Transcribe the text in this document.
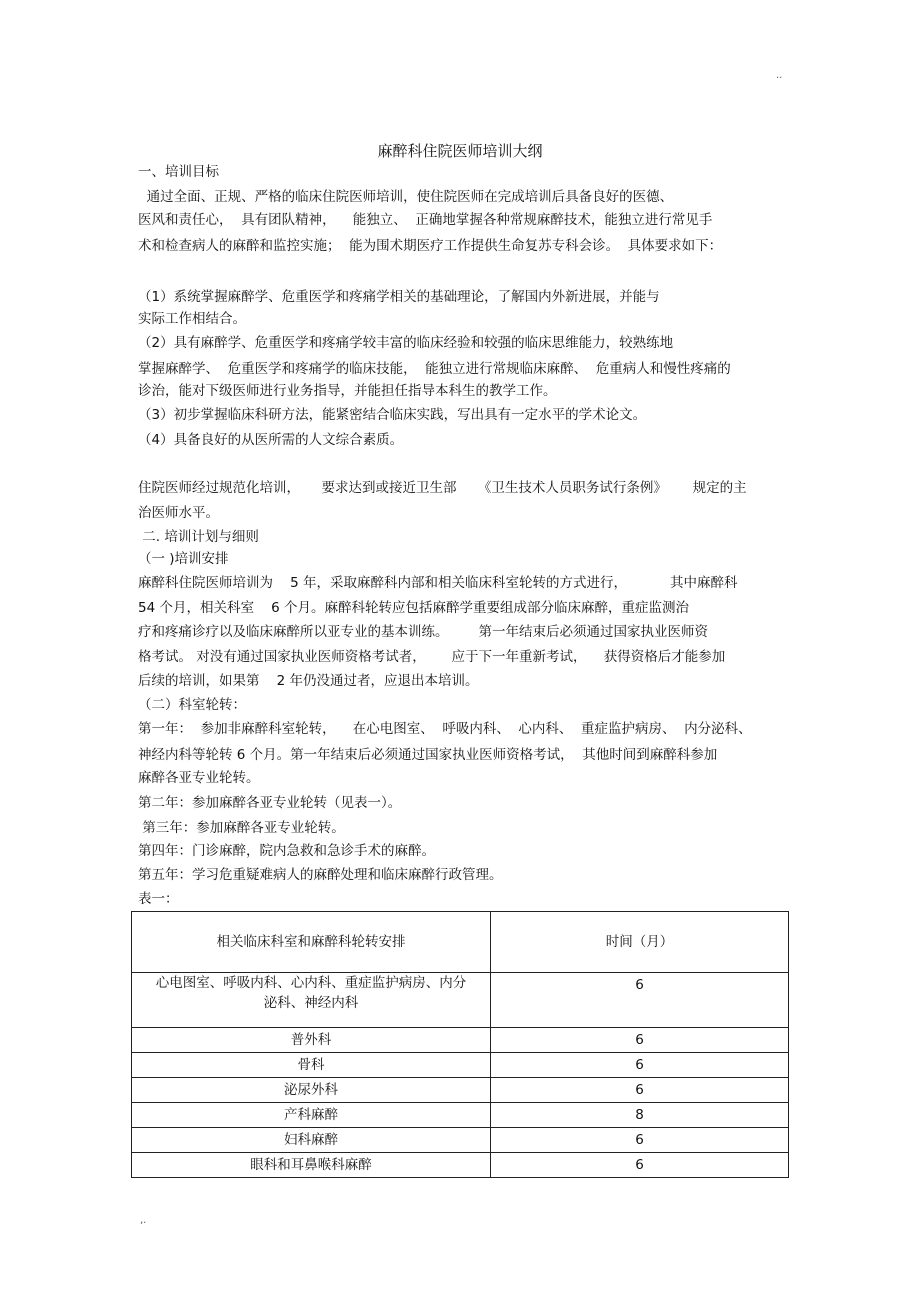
..
麻醉科住院医师培训大纲
一、培训目标
通过全面、正规、严格的临床住院医师培训，使住院医师在完成培训后具备良好的医德、
医风和责任心，  具有团队精神，    能独立、  正确地掌握各种常规麻醉技术，能独立进行常见手
术和检查病人的麻醉和监控实施；  能为围术期医疗工作提供生命复苏专科会诊。  具体要求如下：
（1）系统掌握麻醉学、危重医学和疼痛学相关的基础理论，了解国内外新进展，并能与
实际工作相结合。
（2）具有麻醉学、危重医学和疼痛学较丰富的临床经验和较强的临床思维能力，较熟练地
掌握麻醉学、  危重医学和疼痛学的临床技能，  能独立进行常规临床麻醉、  危重病人和慢性疼痛的
诊治，能对下级医师进行业务指导，并能担任指导本科生的教学工作。
（3）初步掌握临床科研方法，能紧密结合临床实践，写出具有一定水平的学术论文。
（4）具备良好的从医所需的人文综合素质。
住院医师经过规范化培训，     要求达到或接近卫生部     《卫生技术人员职务试行条例》      规定的主
治医师水平。
二. 培训计划与细则
（一 )培训安排
麻醉科住院医师培训为    5 年，采取麻醉科内部和相关临床科室轮转的方式进行，          其中麻醉科
54 个月，相关科室    6 个月。麻醉科轮转应包括麻醉学重要组成部分临床麻醉，重症监测治
疗和疼痛诊疗以及临床麻醉所以亚专业的基本训练。       第一年结束后必须通过国家执业医师资
格考试。 对没有通过国家执业医师资格考试者，      应于下一年重新考试，    获得资格后才能参加
后续的培训，如果第    2 年仍没通过者，应退出本培训。
（二）科室轮转：
第一年：  参加非麻醉科室轮转，    在心电图室、  呼吸内科、  心内科、  重症监护病房、  内分泌科、
神经内科等轮转 6 个月。第一年结束后必须通过国家执业医师资格考试，  其他时间到麻醉科参加
麻醉各亚专业轮转。
第二年：参加麻醉各亚专业轮转（见表一）。
第三年：参加麻醉各亚专业轮转。
第四年：门诊麻醉，院内急救和急诊手术的麻醉。
第五年：学习危重疑难病人的麻醉处理和临床麻醉行政管理。
表一：
相关临床科室和麻醉科轮转安排	时间（月）
心电图室、呼吸内科、心内科、重症监护病房、内分泌科、神经内科	6
普外科	6
骨科	6
泌尿外科	6
产科麻醉	8
妇科麻醉	6
眼科和耳鼻喉科麻醉	6
,.
